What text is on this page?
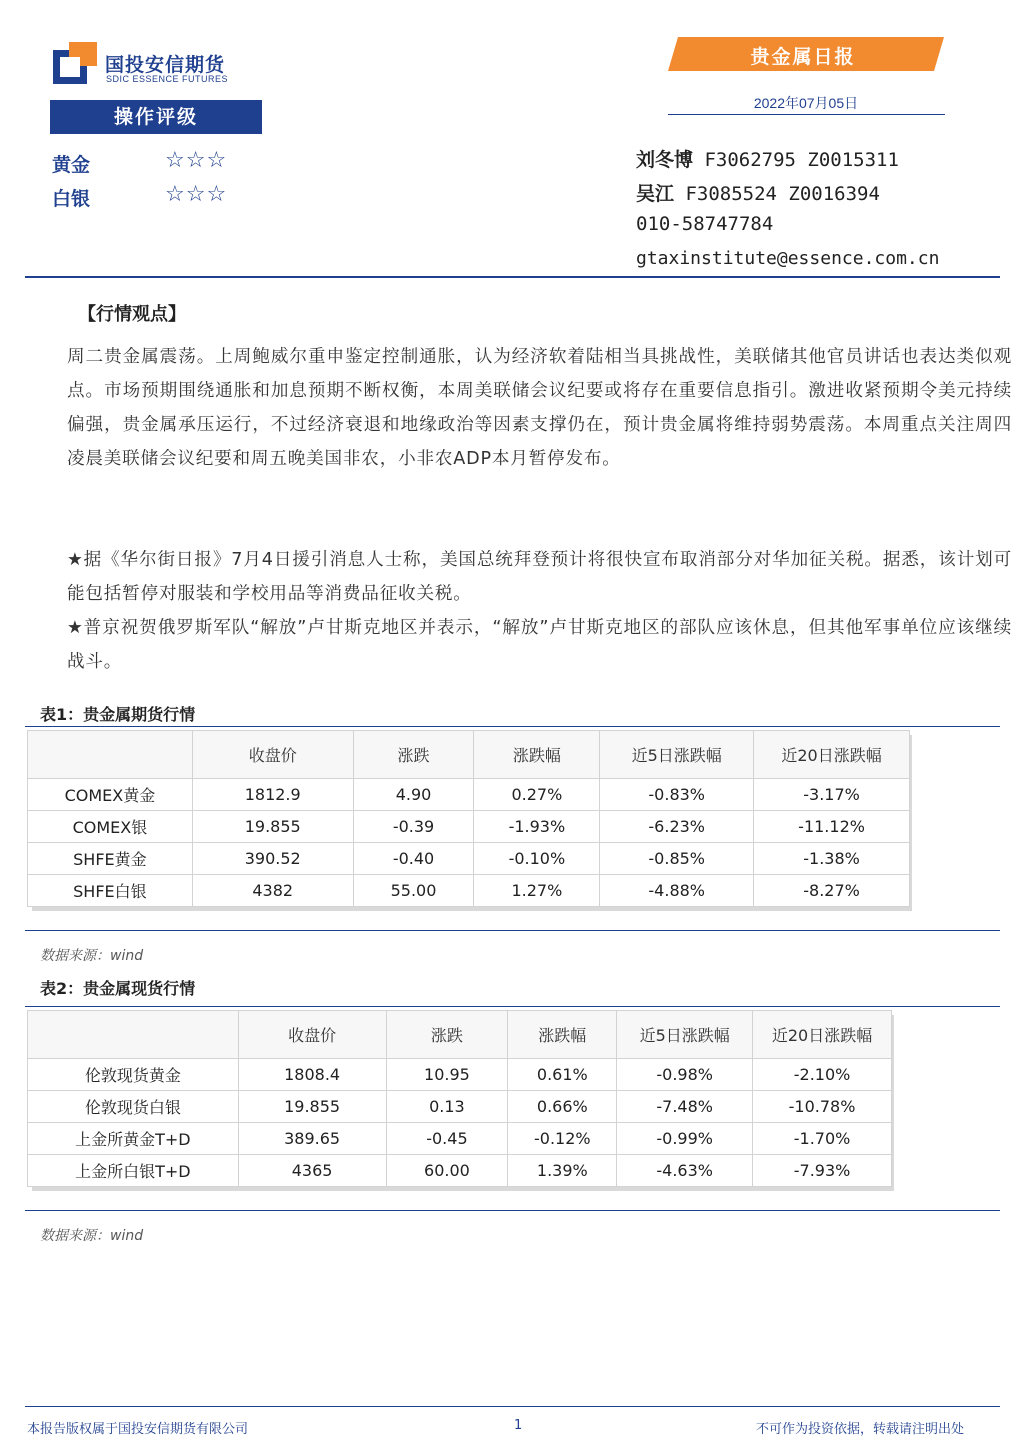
国投安信期货
SDIC ESSENCE FUTURES
贵金属日报
2022年07月05日
操作评级
黄金	☆☆☆
白银	☆☆☆
刘冬博 F3062795 Z0015311
吴江 F3085524 Z0016394
010-58747784
gtaxinstitute@essence.com.cn
【行情观点】
周二贵金属震荡。上周鲍威尔重申鉴定控制通胀，认为经济软着陆相当具挑战性，美联储其他官员讲话也表达类似观点。市场预期围绕通胀和加息预期不断权衡，本周美联储会议纪要或将存在重要信息指引。激进收紧预期令美元持续偏强，贵金属承压运行，不过经济衰退和地缘政治等因素支撑仍在，预计贵金属将维持弱势震荡。本周重点关注周四凌晨美联储会议纪要和周五晚美国非农，小非农ADP本月暂停发布。
★据《华尔街日报》7月4日援引消息人士称，美国总统拜登预计将很快宣布取消部分对华加征关税。据悉，该计划可能包括暂停对服装和学校用品等消费品征收关税。
★普京祝贺俄罗斯军队“解放”卢甘斯克地区并表示，“解放”卢甘斯克地区的部队应该休息，但其他军事单位应该继续战斗。
表1：贵金属期货行情
	收盘价	涨跌	涨跌幅	近5日涨跌幅	近20日涨跌幅
COMEX黄金	1812.9	4.90	0.27%	-0.83%	-3.17%
COMEX银	19.855	-0.39	-1.93%	-6.23%	-11.12%
SHFE黄金	390.52	-0.40	-0.10%	-0.85%	-1.38%
SHFE白银	4382	55.00	1.27%	-4.88%	-8.27%
数据来源：wind
表2：贵金属现货行情
	收盘价	涨跌	涨跌幅	近5日涨跌幅	近20日涨跌幅
伦敦现货黄金	1808.4	10.95	0.61%	-0.98%	-2.10%
伦敦现货白银	19.855	0.13	0.66%	-7.48%	-10.78%
上金所黄金T+D	389.65	-0.45	-0.12%	-0.99%	-1.70%
上金所白银T+D	4365	60.00	1.39%	-4.63%	-7.93%
数据来源：wind
本报告版权属于国投安信期货有限公司	1	不可作为投资依据，转载请注明出处
